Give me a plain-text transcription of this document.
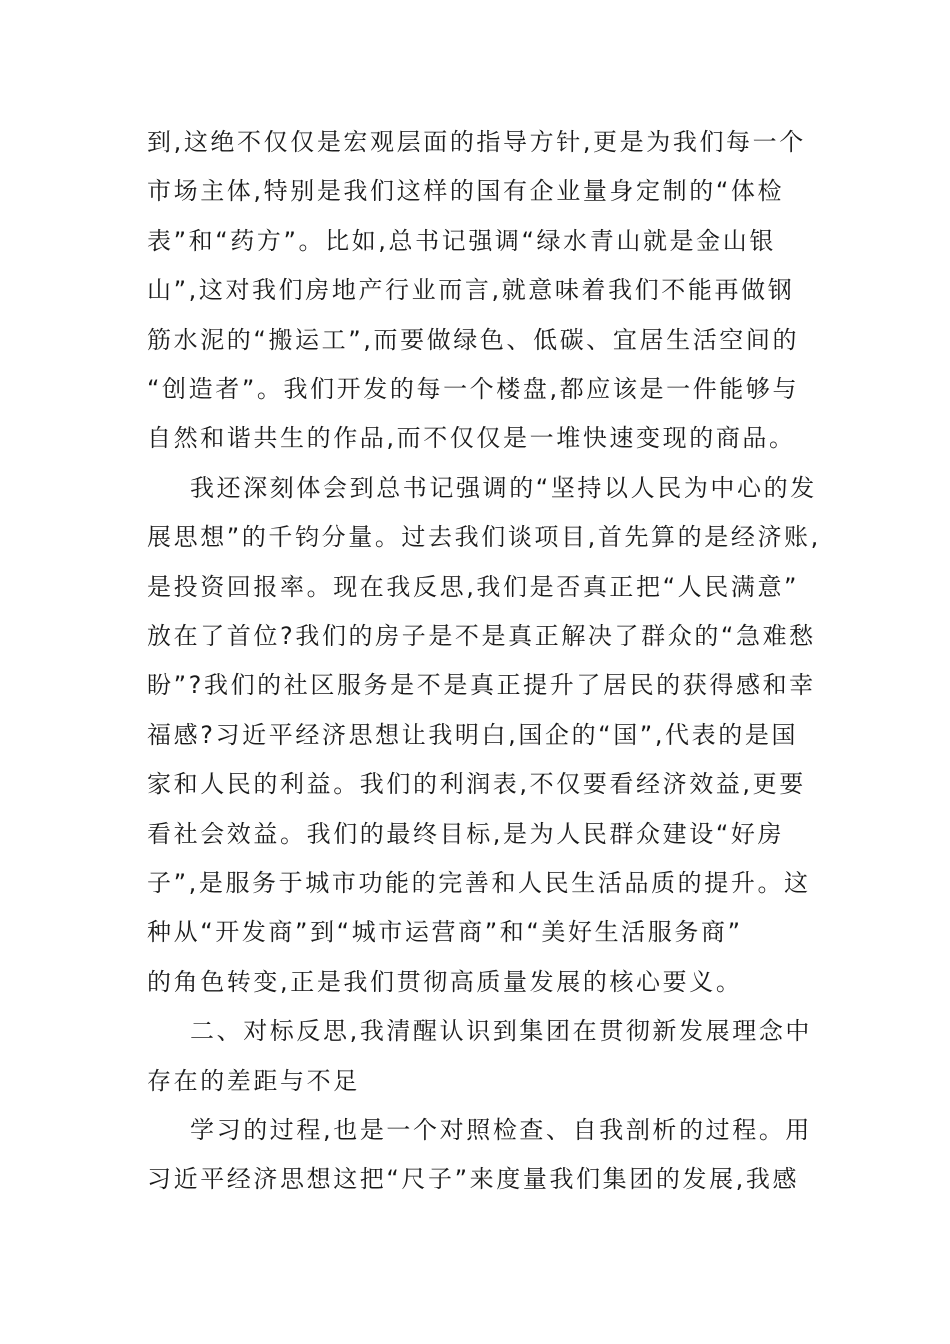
到,这绝不仅仅是宏观层面的指导方针,更是为我们每一个
市场主体,特别是我们这样的国有企业量身定制的“体检
表”和“药方”。比如,总书记强调“绿水青山就是金山银
山”,这对我们房地产行业而言,就意味着我们不能再做钢
筋水泥的“搬运工”,而要做绿色、低碳、宜居生活空间的
“创造者”。我们开发的每一个楼盘,都应该是一件能够与
自然和谐共生的作品,而不仅仅是一堆快速变现的商品。
我还深刻体会到总书记强调的“坚持以人民为中心的发
展思想”的千钧分量。过去我们谈项目,首先算的是经济账,
是投资回报率。现在我反思,我们是否真正把“人民满意”
放在了首位?我们的房子是不是真正解决了群众的“急难愁
盼”?我们的社区服务是不是真正提升了居民的获得感和幸
福感?习近平经济思想让我明白,国企的“国”,代表的是国
家和人民的利益。我们的利润表,不仅要看经济效益,更要
看社会效益。我们的最终目标,是为人民群众建设“好房
子”,是服务于城市功能的完善和人民生活品质的提升。这
种从“开发商”到“城市运营商”和“美好生活服务商”
的角色转变,正是我们贯彻高质量发展的核心要义。
二、对标反思,我清醒认识到集团在贯彻新发展理念中
存在的差距与不足
学习的过程,也是一个对照检查、自我剖析的过程。用
习近平经济思想这把“尺子”来度量我们集团的发展,我感
